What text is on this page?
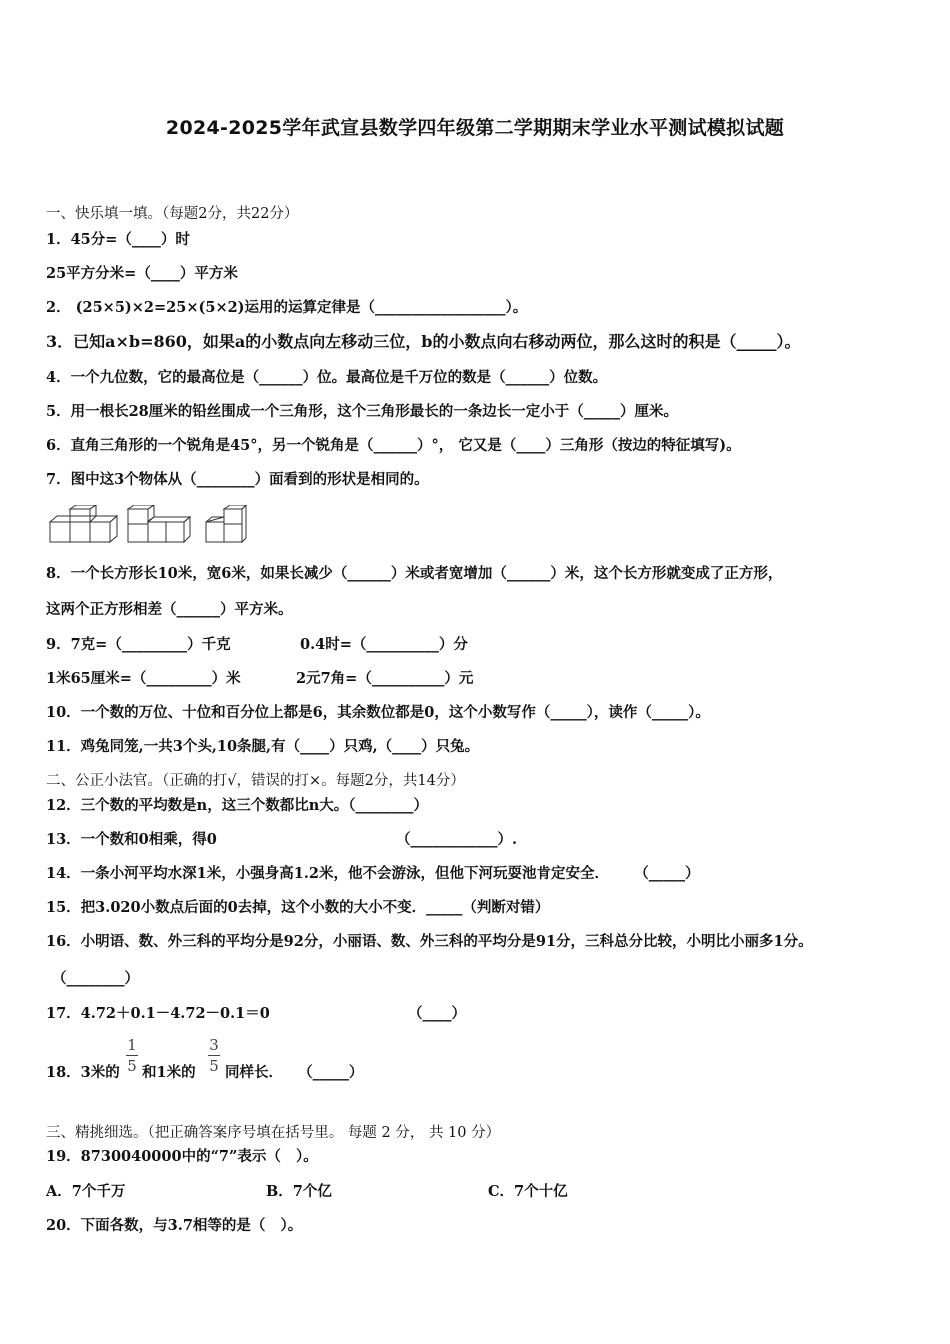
2024-2025学年武宣县数学四年级第二学期期末学业水平测试模拟试题
一、快乐填一填。（每题2分，共22分）
1．45分=（____）时
25平方分米=（____）平方米
2． (25×5)×2=25×(5×2)运用的运算定律是（__________________）。
3．已知a×b=860，如果a的小数点向左移动三位，b的小数点向右移动两位，那么这时的积是（_____）。
4．一个九位数，它的最高位是（______）位。最高位是千万位的数是（______）位数。
5．用一根长28厘米的铅丝围成一个三角形，这个三角形最长的一条边长一定小于（_____）厘米。
6．直角三角形的一个锐角是45°，另一个锐角是（______）°， 它又是（____）三角形（按边的特征填写)。
7．图中这3个物体从（________）面看到的形状是相同的。
8．一个长方形长10米，宽6米，如果长减少（______）米或者宽增加（______）米，这个长方形就变成了正方形，
这两个正方形相差（______）平方米。
9．7克=（_________）千克	0.4时=（__________）分
1米65厘米=（_________）米	2元7角=（__________）元
10．一个数的万位、十位和百分位上都是6，其余数位都是0，这个小数写作（_____），读作（_____）。
11．鸡兔同笼,一共3个头,10条腿,有（____）只鸡,（____）只兔。
二、公正小法官。（正确的打√，错误的打×。每题2分，共14分）
12．三个数的平均数是n，这三个数都比n大。（________）
13．一个数和0相乘，得0	（____________）.
14．一条小河平均水深1米，小强身高1.2米，他不会游泳，但他下河玩耍池肯定安全．     （_____）
15．把3.020小数点后面的0去掉，这个小数的大小不变．_____（判断对错）
16．小明语、数、外三科的平均分是92分，小丽语、数、外三科的平均分是91分，三科总分比较，小明比小丽多1分。
（________）
17．4.72＋0.1－4.72－0.1＝0	（____）
18．3米的
1
5 和1米的
3
5 同样长．   （_____）
三、精挑细选。（把正确答案序号填在括号里。 每题 2 分， 共 10 分）
19．8730040000中的“7”表示（   ）。
A．7个千万	B．7个亿	C．7个十亿
20．下面各数，与3.7相等的是（   ）。
